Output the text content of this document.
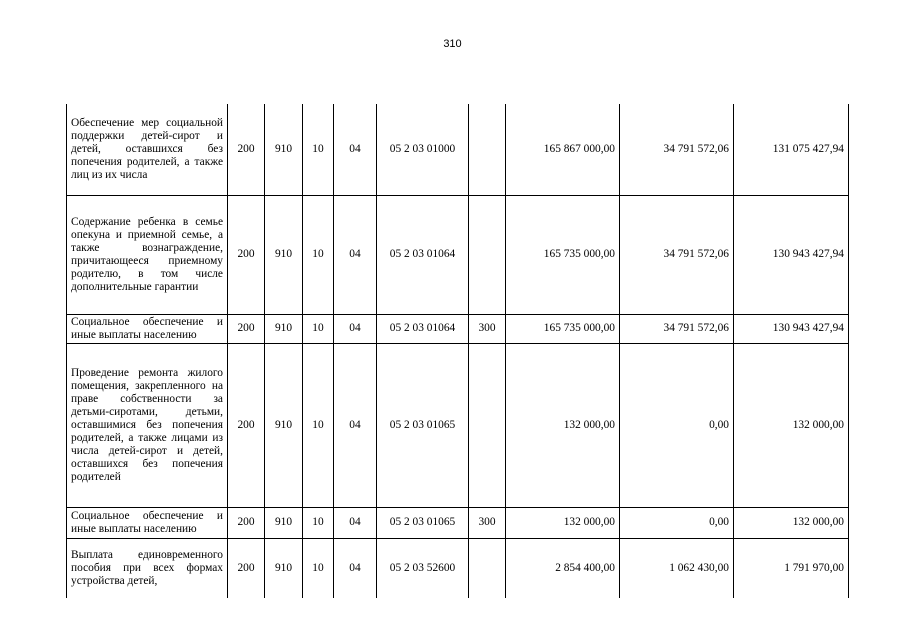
310
Обеспечение мер социальной поддержки детей-сирот и детей, оставшихся без попечения родителей, а также лиц из их числа	200	910	10	04	05 2 03 01000		165 867 000,00	34 791 572,06	131 075 427,94
Содержание ребенка в семье опекуна и приемной семье, а также вознаграждение, причитающееся приемному родителю, в том числе дополнительные гарантии	200	910	10	04	05 2 03 01064		165 735 000,00	34 791 572,06	130 943 427,94
Социальное обеспечение и иные выплаты населению	200	910	10	04	05 2 03 01064	300	165 735 000,00	34 791 572,06	130 943 427,94
Проведение ремонта жилого помещения, закрепленного на праве собственности за детьми-сиротами, детьми, оставшимися без попечения родителей, а также лицами из числа детей-сирот и детей, оставшихся без попечения родителей	200	910	10	04	05 2 03 01065		132 000,00	0,00	132 000,00
Социальное обеспечение и иные выплаты населению	200	910	10	04	05 2 03 01065	300	132 000,00	0,00	132 000,00
Выплата единовременного пособия при всех формах устройства детей,	200	910	10	04	05 2 03 52600		2 854 400,00	1 062 430,00	1 791 970,00
